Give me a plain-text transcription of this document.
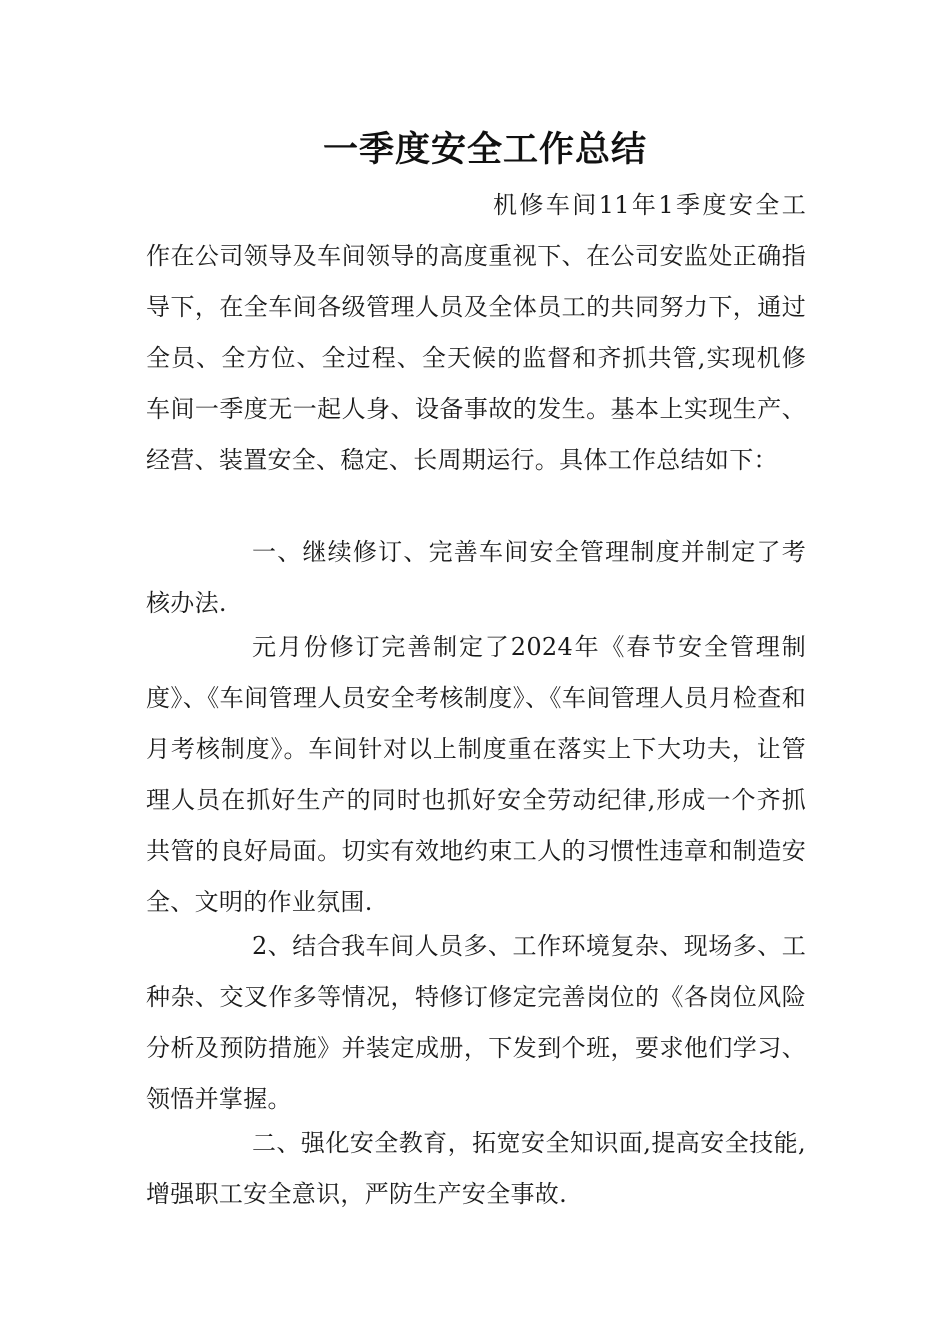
一季度安全工作总结

机修车间11年1季度安全工作在公司领导及车间领导的高度重视下、在公司安监处正确指导下，在全车间各级管理人员及全体员工的共同努力下，通过全员、全方位、全过程、全天候的监督和齐抓共管,实现机修车间一季度无一起人身、设备事故的发生。基本上实现生产、经营、装置安全、稳定、长周期运行。具体工作总结如下：

一、继续修订、完善车间安全管理制度并制定了考核办法.

元月份修订完善制定了2024年《春节安全管理制度》、《车间管理人员安全考核制度》、《车间管理人员月检查和月考核制度》。车间针对以上制度重在落实上下大功夫，让管理人员在抓好生产的同时也抓好安全劳动纪律,形成一个齐抓共管的良好局面。切实有效地约束工人的习惯性违章和制造安全、文明的作业氛围.

2、结合我车间人员多、工作环境复杂、现场多、工种杂、交叉作多等情况，特修订修定完善岗位的《各岗位风险分析及预防措施》并装定成册，下发到个班，要求他们学习、领悟并掌握。

二、强化安全教育，拓宽安全知识面,提高安全技能,增强职工安全意识，严防生产安全事故.
